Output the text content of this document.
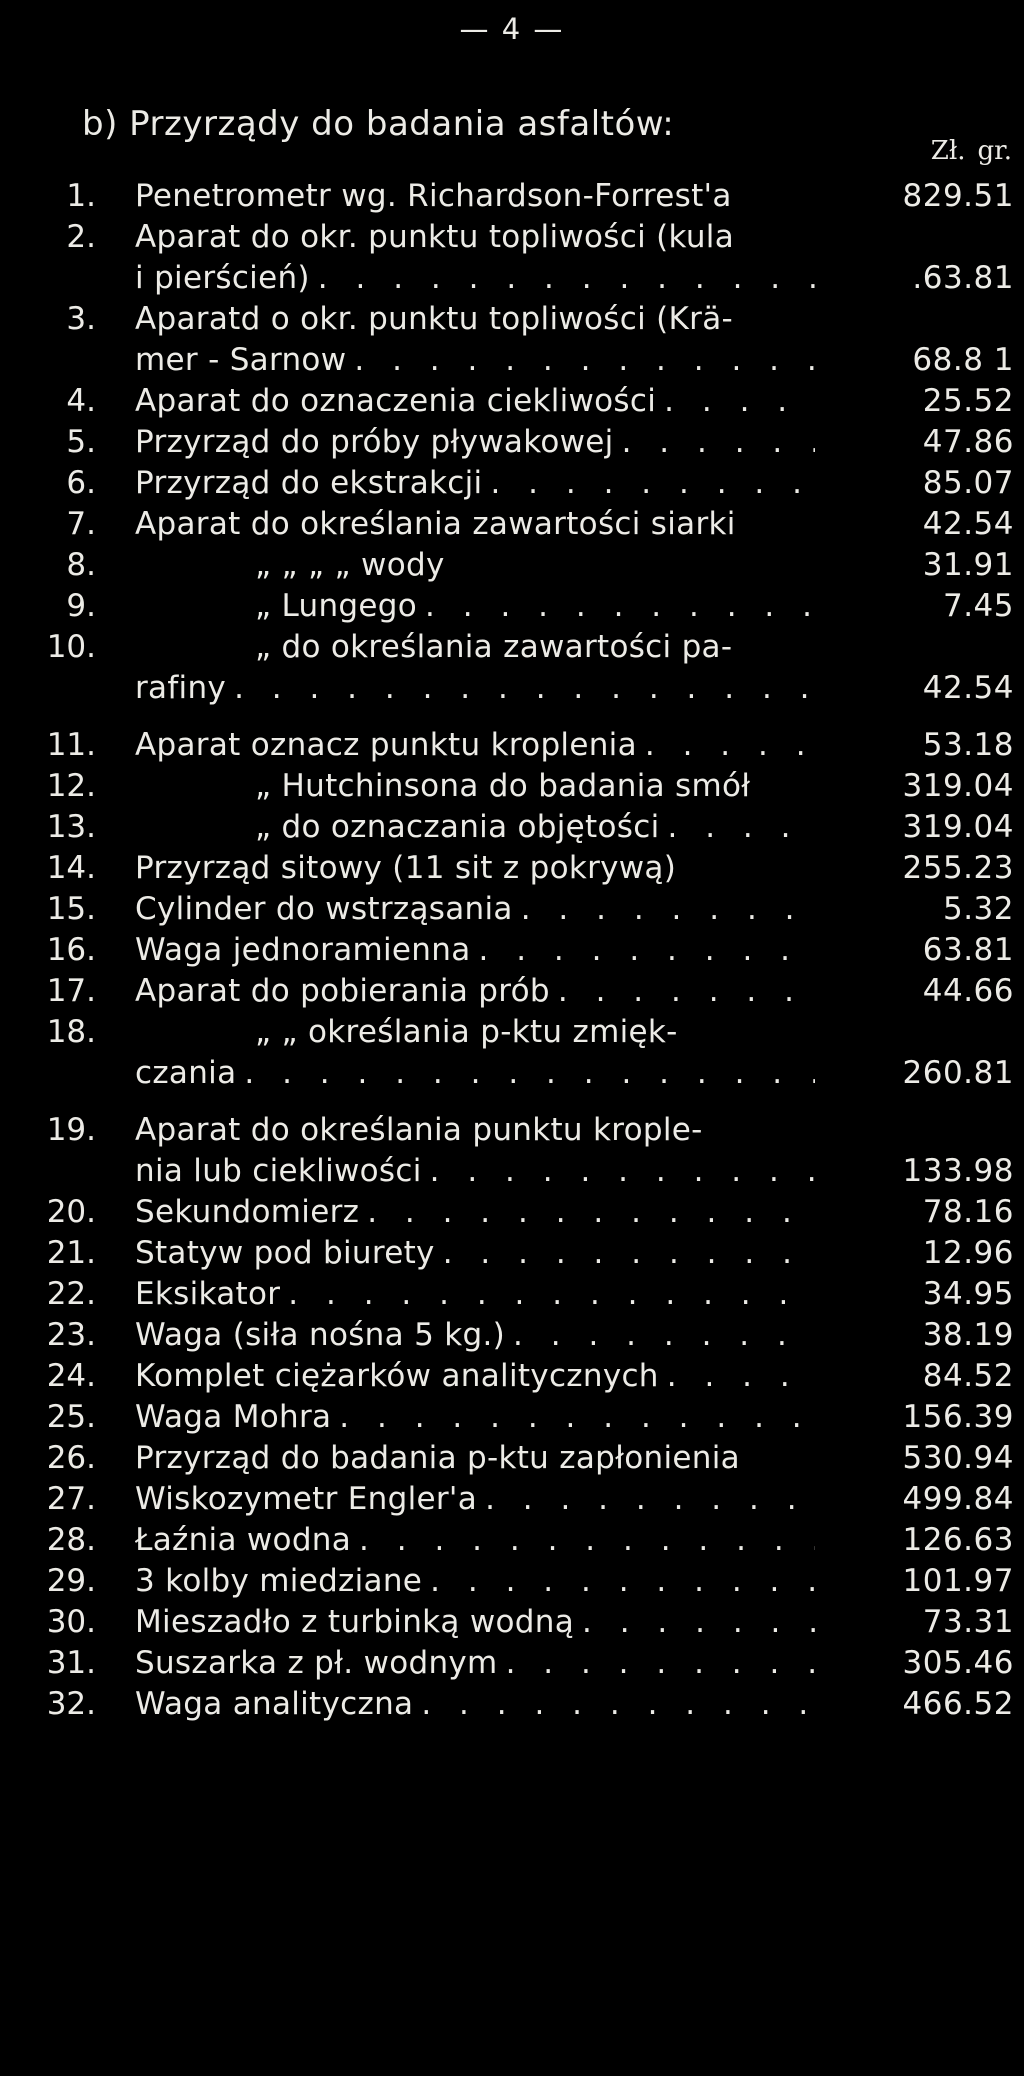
— 4 —
b) Przyrządy do badania asfaltów:
Zł. gr.
1. Penetrometr wg. Richardson-Forrest'a	829.51
2. Aparat do okr. punktu topliwości (kula
i pierścień) . . .	.63.81
3. Aparatd o okr. punktu topliwości (Krä-
mer - Sarnow . . .	68.8 1
4. Aparat do oznaczenia ciekliwości . . .	25.52
5. Przyrząd do próby pływakowej . . .	47.86
6. Przyrząd do ekstrakcji . . .	85.07
7. Aparat do określania zawartości siarki	42.54
8.	„ „ „ „ wody	31.91
9.	„ Lungego . . .	7.45
10.	„ do określania zawartości pa-
rafiny . . .	42.54
11. Aparat oznacz punktu kroplenia . . .	53.18
12.	„ Hutchinsona do badania smół	319.04
13.	„ do oznaczania objętości . . .	319.04
14. Przyrząd sitowy (11 sit z pokrywą)	255.23
15. Cylinder do wstrząsania . . .	5.32
16. Waga jednoramienna . . .	63.81
17. Aparat do pobierania prób . . .	44.66
18.	„ „ określania p-ktu zmięk-
czania . . .	260.81
19. Aparat do określania punktu krople-
nia lub ciekliwości . . .	133.98
20. Sekundomierz . . .	78.16
21. Statyw pod biurety . . .	12.96
22. Eksikator . . .	34.95
23. Waga (siła nośna 5 kg.) . . .	38.19
24. Komplet ciężarków analitycznych . . .	84.52
25. Waga Mohra . . .	156.39
26. Przyrząd do badania p-ktu zapłonienia	530.94
27. Wiskozymetr Engler'a . . .	499.84
28. Łaźnia wodna . . .	126.63
29. 3 kolby miedziane . . .	101.97
30. Mieszadło z turbinką wodną . . .	73.31
31. Suszarka z pł. wodnym . . .	305.46
32. Waga analityczna . . .	466.52
